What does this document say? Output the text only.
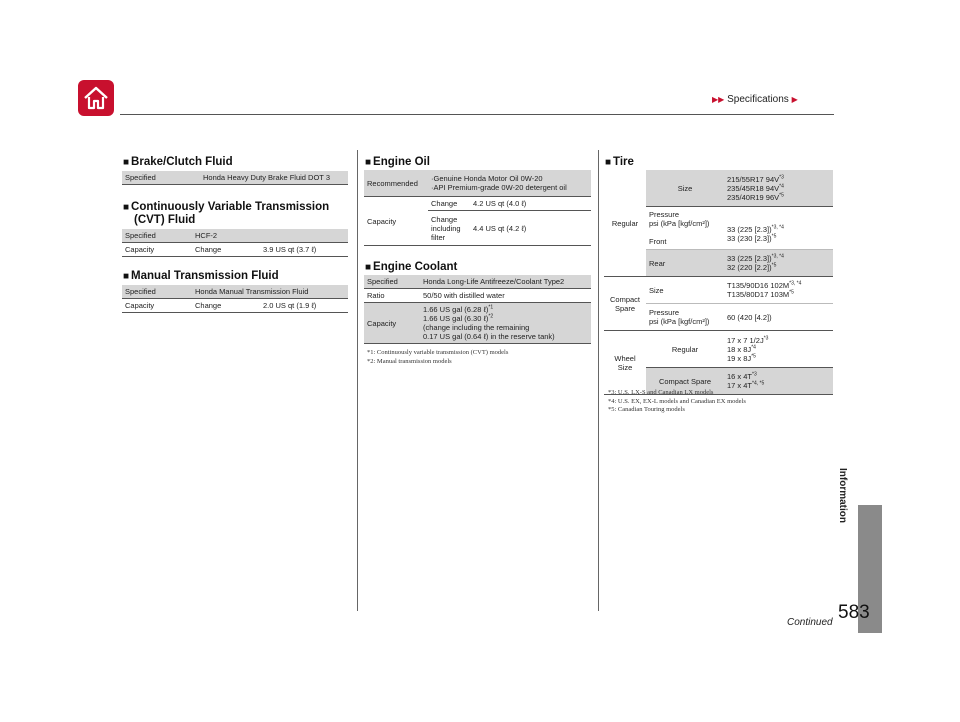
▶▶ Specifications ▶
■ Brake/Clutch Fluid
Specified	Honda Heavy Duty Brake Fluid DOT 3
■ Continuously Variable Transmission
(CVT) Fluid
Specified	HCF-2	
Capacity	Change	3.9 US qt (3.7 ℓ)
■ Manual Transmission Fluid
Specified	Honda Manual Transmission Fluid	
Capacity	Change	2.0 US qt (1.9 ℓ)
■ Engine Oil
Recommended	·Genuine Honda Motor Oil 0W-20
·API Premium-grade 0W-20 detergent oil	
Capacity	Change	4.2 US qt (4.0 ℓ)
	Change
including
filter	4.4 US qt (4.2 ℓ)
■ Engine Coolant
Specified	Honda Long-Life Antifreeze/Coolant Type2
Ratio	50/50 with distilled water
Capacity	1.66 US gal (6.28 ℓ)$^{*1}$
1.66 US gal (6.30 ℓ)$^{*2}$
(change including the remaining
0.17 US gal (0.64 ℓ) in the reserve tank)
*1: Continuously variable transmission (CVT) models
*2: Manual transmission models
■ Tire
Regular	Size	215/55R17 $94V^{*3}$
235/45R18 $94V^{*4}$
235/40R19 $96V^{*5}$
	Pressure
psi (kPa [kgf/cm²])

Front	33 (225 [2.3])$^{*3, *4}$
33 (230 [2.3])$^{*5}$
	Rear	33 (225 [2.3])$^{*3, *4}$
32 (220 [2.2])$^{*5}$
Compact
Spare	Size	T135/90D16 $102M^{*3, *4}$
T135/80D17 $103M^{*5}$
	Pressure
psi (kPa [kgf/cm²])	60 (420 [4.2])
Wheel Size	Regular	17 x 7 $1/2J^{*3}$
18 x $8J^{*4}$
19 x $8J^{*5}$
	Compact Spare	16 x $4T^{*3}$
17 x $4T^{*4, *5}$
*3: U.S. LX-S and Canadian LX models
*4: U.S. EX, EX-L models and Canadian EX models
*5: Canadian Touring models
Information
Continued 583
